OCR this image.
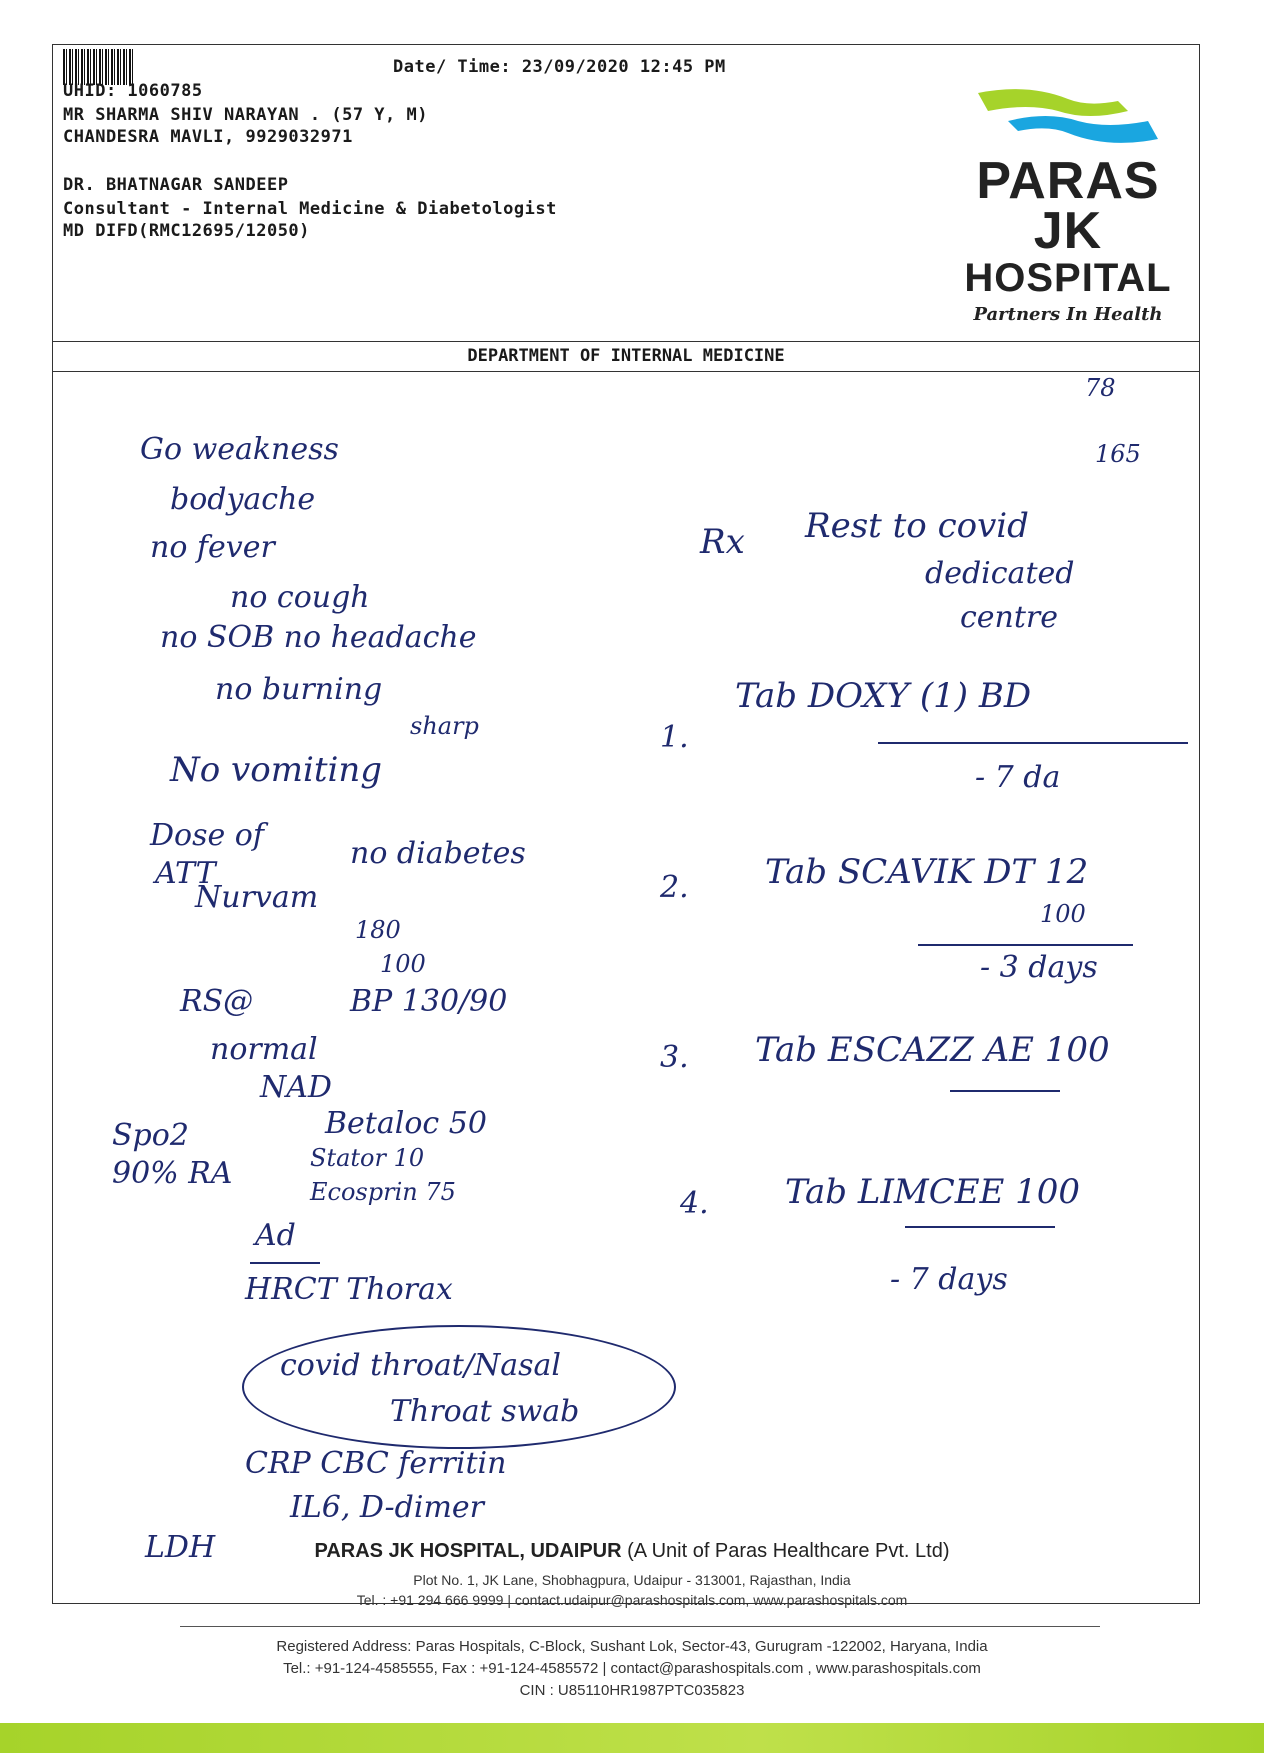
Date/ Time: 23/09/2020 12:45 PM
UHID: 1060785
MR SHARMA SHIV NARAYAN . (57 Y, M)
CHANDESRA MAVLI, 9929032971
DR. BHATNAGAR SANDEEP
Consultant - Internal Medicine & Diabetologist
MD DIFD(RMC12695/12050)
PARAS
JK
HOSPITAL
Partners In Health
DEPARTMENT OF INTERNAL MEDICINE
78
165
Go weakness
bodyache
no fever
no cough
no SOB no headache
no burning
sharp
No vomiting
Dose of
ATT
no diabetes
Nurvam
180
100
RS@	BP 130/90
normal
NAD
Betaloc 50
Stator 10
Ecosprin 75
Spo2
90% RA
Ad
HRCT Thorax
covid throat/Nasal
Throat swab
CRP CBC ferritin
IL6, D-dimer
LDH
Rx Rest to covid
dedicated
centre
1.
Tab DOXY (1) BD
- 7 da
2. Tab SCAVIK DT 12
100
- 3 days
3. Tab ESCAZZ AE 100
4. Tab LIMCEE 100
- 7 days
PARAS JK HOSPITAL, UDAIPUR (A Unit of Paras Healthcare Pvt. Ltd)
Plot No. 1, JK Lane, Shobhagpura, Udaipur - 313001, Rajasthan, India
Tel. : +91 294 666 9999 | contact.udaipur@parashospitals.com, www.parashospitals.com
Registered Address: Paras Hospitals, C-Block, Sushant Lok, Sector-43, Gurugram -122002, Haryana, India
Tel.: +91-124-4585555, Fax : +91-124-4585572 | contact@parashospitals.com , www.parashospitals.com
CIN : U85110HR1987PTC035823
